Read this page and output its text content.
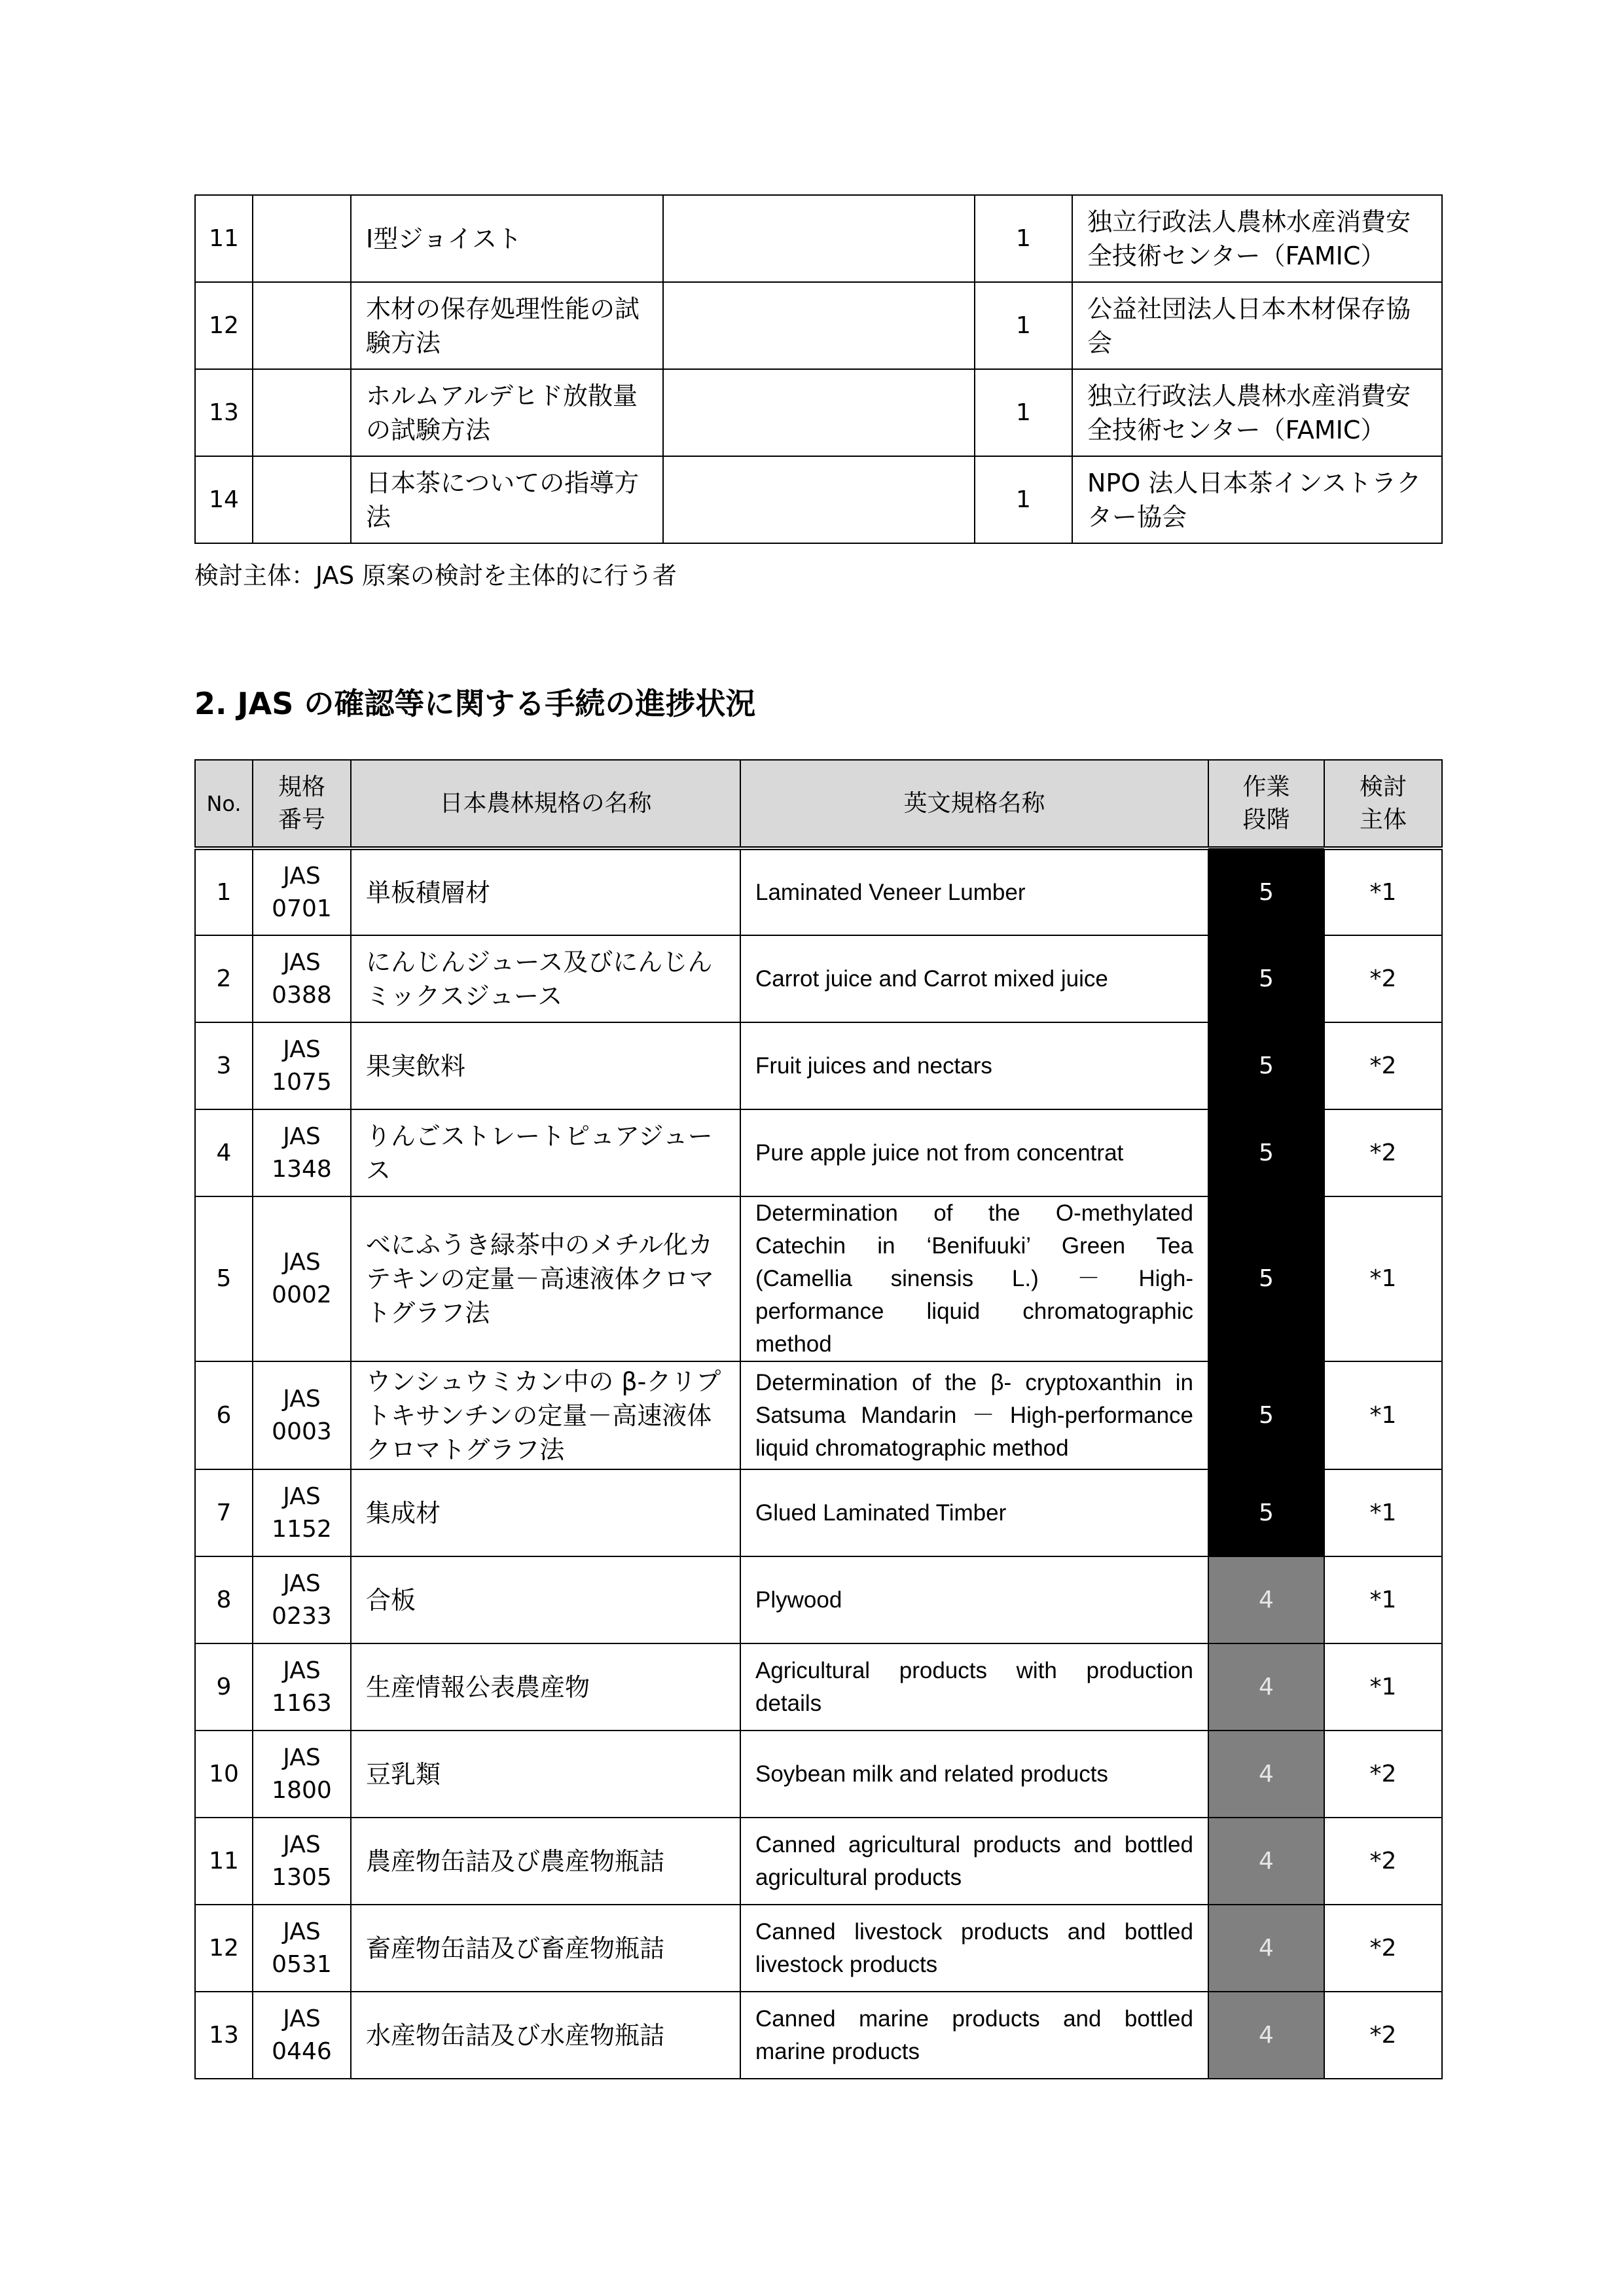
11		Ⅰ型ジョイスト		1	独立行政法人農林水産消費安全技術センター（FAMIC）
12		木材の保存処理性能の試験方法		1	公益社団法人日本木材保存協会
13		ホルムアルデヒド放散量の試験方法		1	独立行政法人農林水産消費安全技術センター（FAMIC）
14		日本茶についての指導方法		1	NPO 法人日本茶インストラクター協会
検討主体：JAS 原案の検討を主体的に行う者
2. JAS の確認等に関する手続の進捗状況
No.	規格番号	日本農林規格の名称	英文規格名称	作業段階	検討主体
1	JAS 0701	単板積層材	Laminated Veneer Lumber	5	*1
2	JAS 0388	にんじんジュース及びにんじんミックスジュース	Carrot juice and Carrot mixed juice	5	*2
3	JAS 1075	果実飲料	Fruit juices and nectars	5	*2
4	JAS 1348	りんごストレートピュアジュース	Pure apple juice not from concentrat	5	*2
5	JAS 0002	べにふうき緑茶中のメチル化カテキンの定量－高速液体クロマトグラフ法	Determination of the O-methylated Catechin in ‘Benifuuki’ Green Tea (Camellia sinensis L.) － High-performance liquid chromatographic method	5	*1
6	JAS 0003	ウンシュウミカン中の β-クリプトキサンチンの定量－高速液体クロマトグラフ法	Determination of the β- cryptoxanthin in Satsuma Mandarin － High-performance liquid chromatographic method	5	*1
7	JAS 1152	集成材	Glued Laminated Timber	5	*1
8	JAS 0233	合板	Plywood	4	*1
9	JAS 1163	生産情報公表農産物	Agricultural products with production details	4	*1
10	JAS 1800	豆乳類	Soybean milk and related products	4	*2
11	JAS 1305	農産物缶詰及び農産物瓶詰	Canned agricultural products and bottled agricultural products	4	*2
12	JAS 0531	畜産物缶詰及び畜産物瓶詰	Canned livestock products and bottled livestock products	4	*2
13	JAS 0446	水産物缶詰及び水産物瓶詰	Canned marine products and bottled marine products	4	*2
